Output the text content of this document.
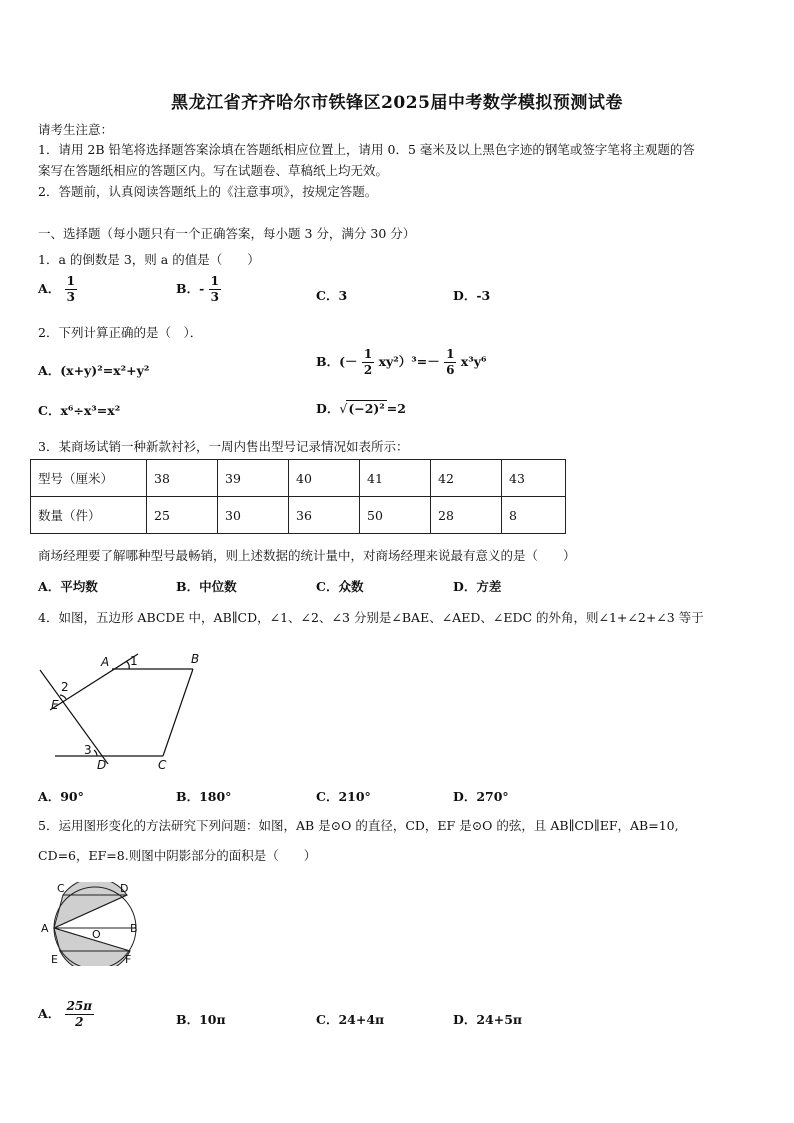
黑龙江省齐齐哈尔市铁锋区2025届中考数学模拟预测试卷
请考生注意：
1．请用 2B 铅笔将选择题答案涂填在答题纸相应位置上，请用 0．5 毫米及以上黑色字迹的钢笔或签字笔将主观题的答
案写在答题纸相应的答题区内。写在试题卷、草稿纸上均无效。
2．答题前，认真阅读答题纸上的《注意事项》，按规定答题。
一、选择题（每小题只有一个正确答案，每小题 3 分，满分 30 分）
1．a 的倒数是 3，则 a 的值是（　　）
A． $\frac{1}{3}$	B．- $\frac{1}{3}$	C．3	D．-3
2．下列计算正确的是（　）．
A．(x+y)²=x²+y²
B．(－ $\frac{1}{2} xy^2)^3=- \frac{1}{6} x^3y^6$
C．x⁶÷x³=x²	D．√(−2)² =2
3．某商场试销一种新款衬衫，一周内售出型号记录情况如表所示：
型号（厘米）	38	39	40	41	42	43
数量（件）	25	30	36	50	28	8
商场经理要了解哪种型号最畅销，则上述数据的统计量中，对商场经理来说最有意义的是（　　）
A．平均数	B．中位数	C．众数	D．方差
4．如图，五边形 ABCDE 中，AB∥CD，∠1、∠2、∠3 分别是∠BAE、∠AED、∠EDC 的外角，则∠1+∠2+∠3 等于
A 1	B
2
E
3
D	C
A．90°	B．180°	C．210°	D．270°
5．运用图形变化的方法研究下列问题：如图，AB 是⊙O 的直径，CD，EF 是⊙O 的弦，且 AB∥CD∥EF，AB=10,
CD=6，EF=8.则图中阴影部分的面积是（　　）
C	D
A	O	B
E	F
A． $\frac{25\pi}{2}$	B．10π	C．24+4π	D．24+5π
